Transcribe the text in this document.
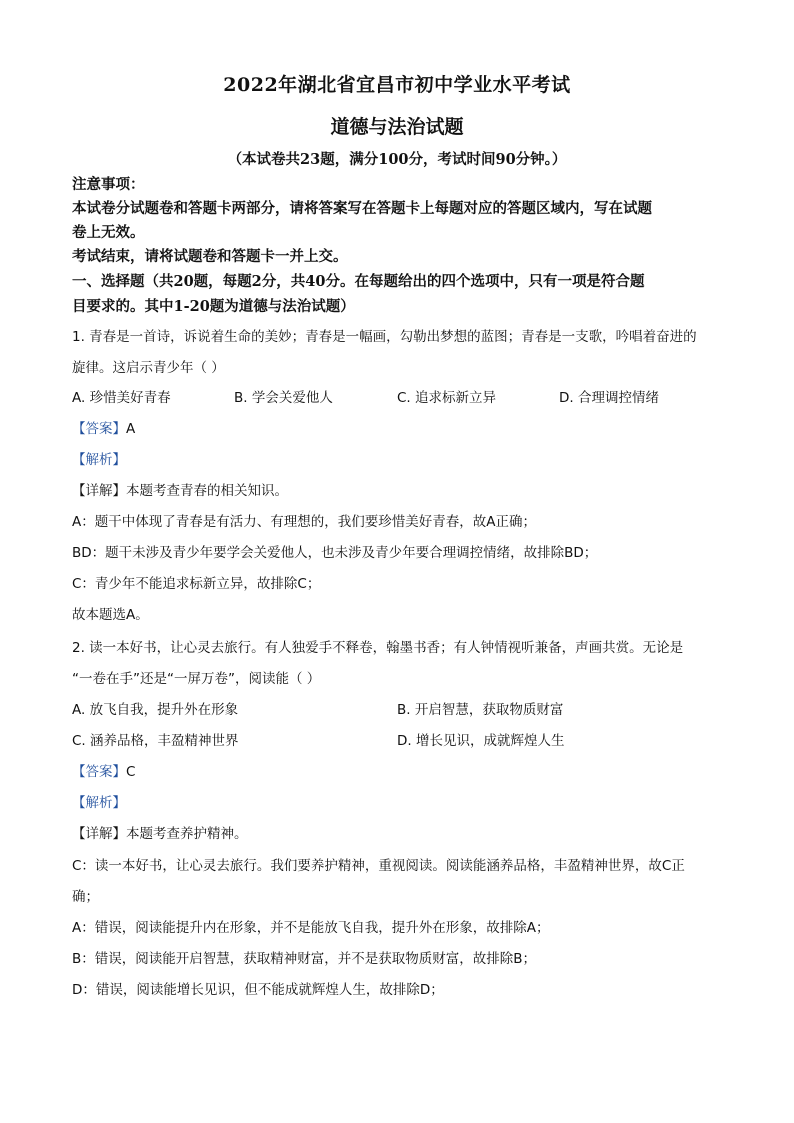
2022年湖北省宜昌市初中学业水平考试
道德与法治试题
（本试卷共23题，满分100分，考试时间90分钟。）
注意事项：
本试卷分试题卷和答题卡两部分，请将答案写在答题卡上每题对应的答题区域内，写在试题
卷上无效。
考试结束，请将试题卷和答题卡一并上交。
一、选择题（共20题，每题2分，共40分。在每题给出的四个选项中，只有一项是符合题
目要求的。其中1-20题为道德与法治试题）
1. 青春是一首诗，诉说着生命的美妙；青春是一幅画，勾勒出梦想的蓝图；青春是一支歌，吟唱着奋进的
旋律。这启示青少年（ ）
A. 珍惜美好青春	B. 学会关爱他人	C. 追求标新立异	D. 合理调控情绪
【答案】A
【解析】
【详解】本题考查青春的相关知识。
A：题干中体现了青春是有活力、有理想的，我们要珍惜美好青春，故A正确；
BD：题干未涉及青少年要学会关爱他人，也未涉及青少年要合理调控情绪，故排除BD；
C：青少年不能追求标新立异，故排除C；
故本题选A。
2. 读一本好书，让心灵去旅行。有人独爱手不释卷，翰墨书香；有人钟情视听兼备，声画共赏。无论是
“一卷在手”还是“一屏万卷”，阅读能（ ）
A. 放飞自我，提升外在形象	B. 开启智慧，获取物质财富
C. 涵养品格，丰盈精神世界	D. 增长见识，成就辉煌人生
【答案】C
【解析】
【详解】本题考查养护精神。
C：读一本好书，让心灵去旅行。我们要养护精神，重视阅读。阅读能涵养品格，丰盈精神世界，故C正
确；
A：错误，阅读能提升内在形象，并不是能放飞自我，提升外在形象，故排除A；
B：错误，阅读能开启智慧，获取精神财富，并不是获取物质财富，故排除B；
D：错误，阅读能增长见识，但不能成就辉煌人生，故排除D；
